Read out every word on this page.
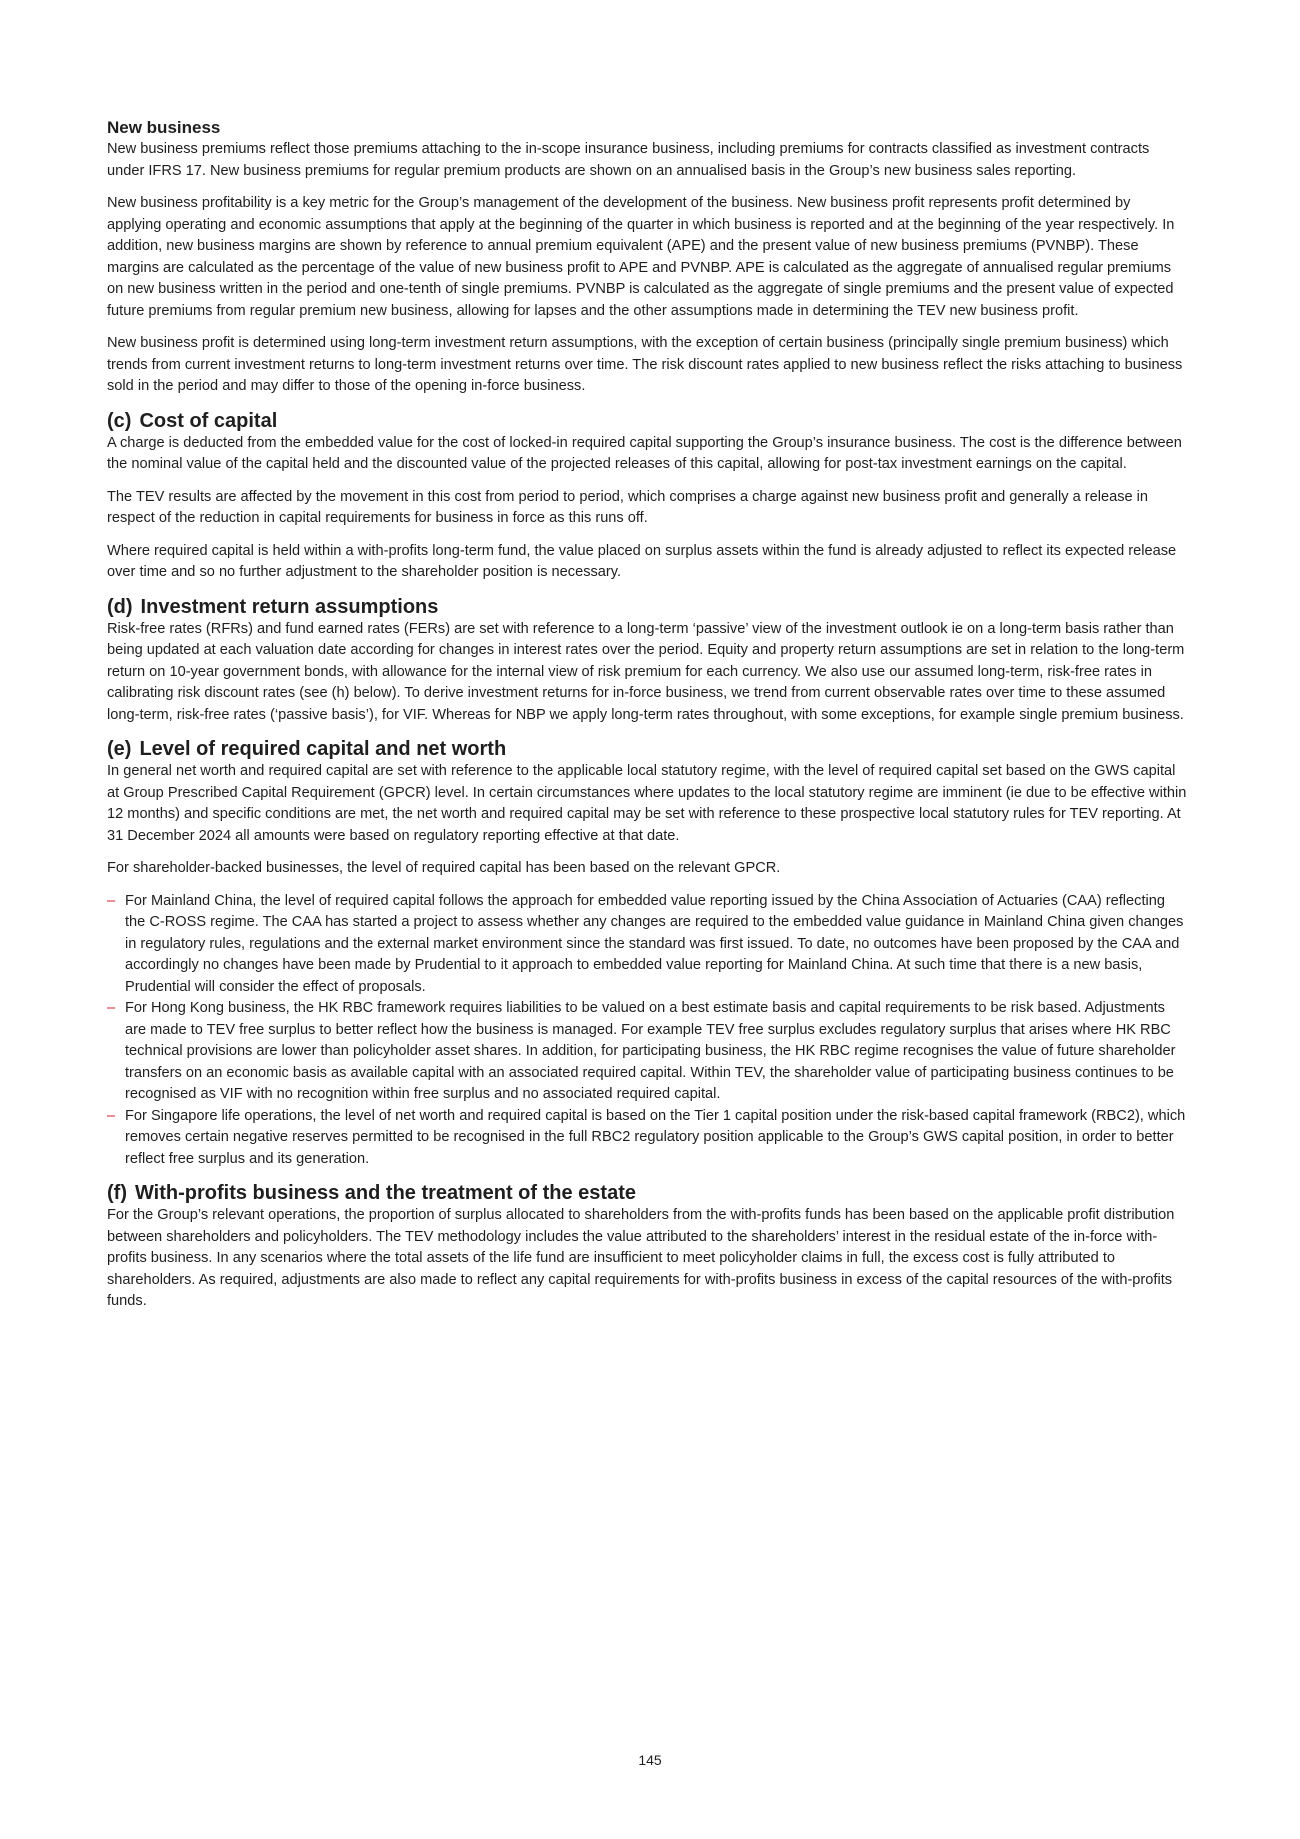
New business

New business premiums reflect those premiums attaching to the in-scope insurance business, including premiums for contracts classified as investment contracts under IFRS 17. New business premiums for regular premium products are shown on an annualised basis in the Group’s new business sales reporting.

New business profitability is a key metric for the Group’s management of the development of the business. New business profit represents profit determined by applying operating and economic assumptions that apply at the beginning of the quarter in which business is reported and at the beginning of the year respectively. In addition, new business margins are shown by reference to annual premium equivalent (APE) and the present value of new business premiums (PVNBP). These margins are calculated as the percentage of the value of new business profit to APE and PVNBP. APE is calculated as the aggregate of annualised regular premiums on new business written in the period and one-tenth of single premiums. PVNBP is calculated as the aggregate of single premiums and the present value of expected future premiums from regular premium new business, allowing for lapses and the other assumptions made in determining the TEV new business profit.

New business profit is determined using long-term investment return assumptions, with the exception of certain business (principally single premium business) which trends from current investment returns to long-term investment returns over time. The risk discount rates applied to new business reflect the risks attaching to business sold in the period and may differ to those of the opening in-force business.

(c) Cost of capital

A charge is deducted from the embedded value for the cost of locked-in required capital supporting the Group’s insurance business. The cost is the difference between the nominal value of the capital held and the discounted value of the projected releases of this capital, allowing for post-tax investment earnings on the capital.

The TEV results are affected by the movement in this cost from period to period, which comprises a charge against new business profit and generally a release in respect of the reduction in capital requirements for business in force as this runs off.

Where required capital is held within a with-profits long-term fund, the value placed on surplus assets within the fund is already adjusted to reflect its expected release over time and so no further adjustment to the shareholder position is necessary.

(d) Investment return assumptions

Risk-free rates (RFRs) and fund earned rates (FERs) are set with reference to a long-term ‘passive’ view of the investment outlook ie on a long-term basis rather than being updated at each valuation date according for changes in interest rates over the period. Equity and property return assumptions are set in relation to the long-term return on 10-year government bonds, with allowance for the internal view of risk premium for each currency. We also use our assumed long-term, risk-free rates in calibrating risk discount rates (see (h) below). To derive investment returns for in-force business, we trend from current observable rates over time to these assumed long-term, risk-free rates (‘passive basis’), for VIF. Whereas for NBP we apply long-term rates throughout, with some exceptions, for example single premium business.

(e) Level of required capital and net worth

In general net worth and required capital are set with reference to the applicable local statutory regime, with the level of required capital set based on the GWS capital at Group Prescribed Capital Requirement (GPCR) level. In certain circumstances where updates to the local statutory regime are imminent (ie due to be effective within 12 months) and specific conditions are met, the net worth and required capital may be set with reference to these prospective local statutory rules for TEV reporting. At 31 December 2024 all amounts were based on regulatory reporting effective at that date.

For shareholder-backed businesses, the level of required capital has been based on the relevant GPCR.

– For Mainland China, the level of required capital follows the approach for embedded value reporting issued by the China Association of Actuaries (CAA) reflecting the C-ROSS regime. The CAA has started a project to assess whether any changes are required to the embedded value guidance in Mainland China given changes in regulatory rules, regulations and the external market environment since the standard was first issued. To date, no outcomes have been proposed by the CAA and accordingly no changes have been made by Prudential to it approach to embedded value reporting for Mainland China. At such time that there is a new basis, Prudential will consider the effect of proposals.
– For Hong Kong business, the HK RBC framework requires liabilities to be valued on a best estimate basis and capital requirements to be risk based. Adjustments are made to TEV free surplus to better reflect how the business is managed. For example TEV free surplus excludes regulatory surplus that arises where HK RBC technical provisions are lower than policyholder asset shares. In addition, for participating business, the HK RBC regime recognises the value of future shareholder transfers on an economic basis as available capital with an associated required capital. Within TEV, the shareholder value of participating business continues to be recognised as VIF with no recognition within free surplus and no associated required capital.
– For Singapore life operations, the level of net worth and required capital is based on the Tier 1 capital position under the risk-based capital framework (RBC2), which removes certain negative reserves permitted to be recognised in the full RBC2 regulatory position applicable to the Group’s GWS capital position, in order to better reflect free surplus and its generation.
(f) With-profits business and the treatment of the estate

For the Group’s relevant operations, the proportion of surplus allocated to shareholders from the with-profits funds has been based on the applicable profit distribution between shareholders and policyholders. The TEV methodology includes the value attributed to the shareholders’ interest in the residual estate of the in-force with-profits business. In any scenarios where the total assets of the life fund are insufficient to meet policyholder claims in full, the excess cost is fully attributed to shareholders. As required, adjustments are also made to reflect any capital requirements for with-profits business in excess of the capital resources of the with-profits funds.

145
